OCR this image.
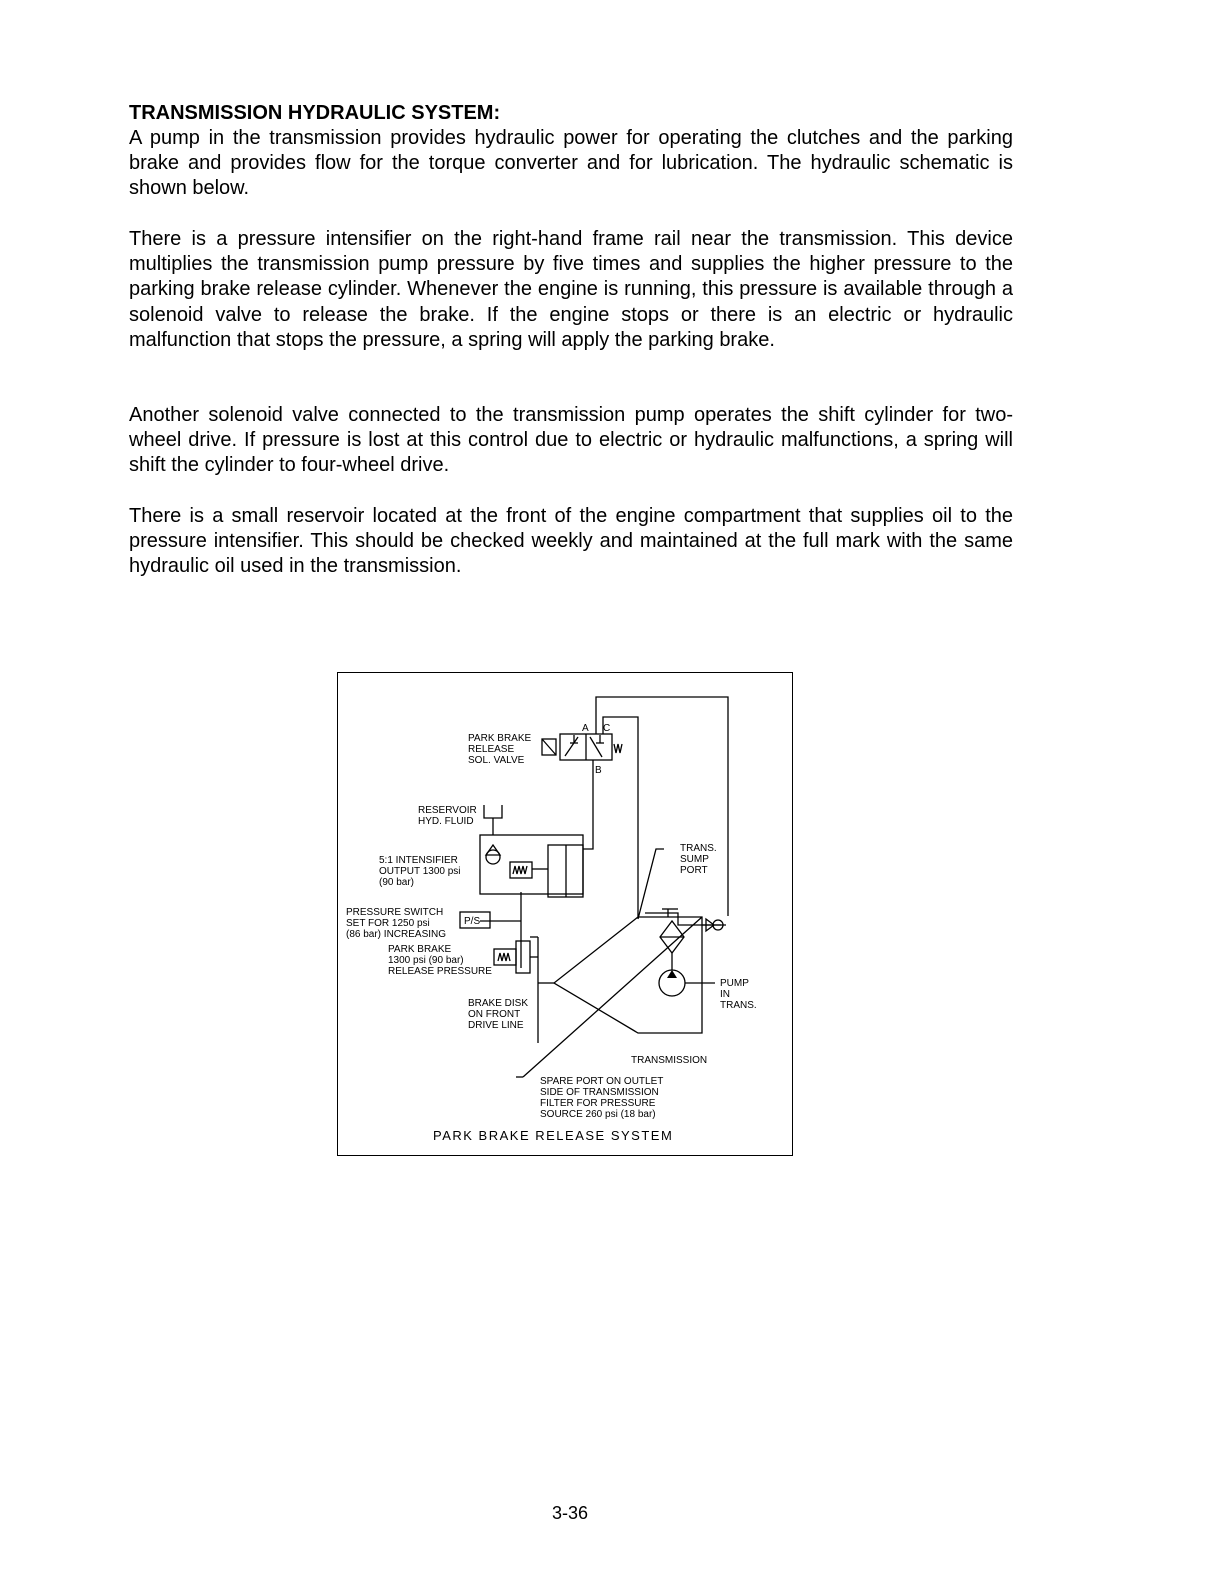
TRANSMISSION HYDRAULIC SYSTEM:

A pump in the transmission provides hydraulic power for operating the clutches and the parking brake and provides flow for the torque converter and for lubrication. The hydraulic schematic is shown below.

There is a pressure intensifier on the right-hand frame rail near the transmission. This device multiplies the transmission pump pressure by five times and supplies the higher pressure to the parking brake release cylinder. Whenever the engine is running, this pressure is available through a solenoid valve to release the brake. If the engine stops or there is an electric or hydraulic malfunction that stops the pressure, a spring will apply the parking brake.

Another solenoid valve connected to the transmission pump operates the shift cylinder for two-wheel drive. If pressure is lost at this control due to electric or hydraulic malfunctions, a spring will shift the cylinder to four-wheel drive.

There is a small reservoir located at the front of the engine compartment that supplies oil to the pressure intensifier. This should be checked weekly and maintained at the full mark with the same hydraulic oil used in the transmission.

A C
B
P/S
PARK BRAKE RELEASE SOL. VALVE
RESERVOIR HYD. FLUID
5:1 INTENSIFIER OUTPUT 1300 psi (90 bar)
PRESSURE SWITCH SET FOR 1250 psi (86 bar) INCREASING
PARK BRAKE 1300 psi (90 bar) RELEASE PRESSURE
BRAKE DISK ON FRONT DRIVE LINE
TRANS. SUMP PORT
PUMP IN TRANS.
TRANSMISSION
SPARE PORT ON OUTLET SIDE OF TRANSMISSION FILTER FOR PRESSURE SOURCE 260 psi (18 bar)
PARK BRAKE RELEASE SYSTEM
3-36
